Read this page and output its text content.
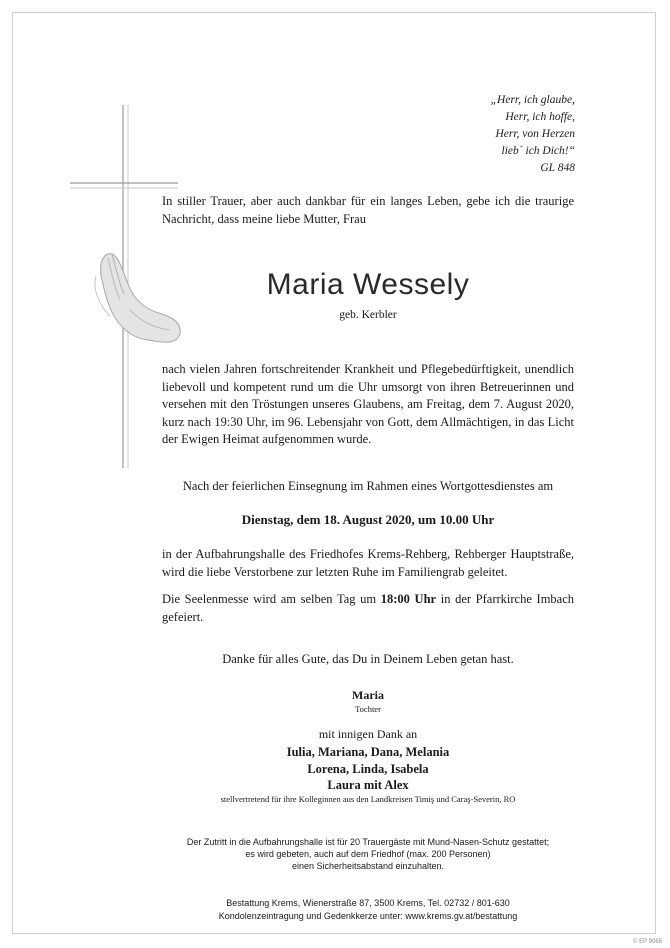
„Herr, ich glaube,
Herr, ich hoffe,
Herr, von Herzen
lieb´ ich Dich!“
GL 848
In stiller Trauer, aber auch dankbar für ein langes Leben, gebe ich die traurige Nachricht, dass meine liebe Mutter, Frau
Maria Wessely
geb. Kerbler
nach vielen Jahren fortschreitender Krankheit und Pflegebedürftigkeit, unendlich liebevoll und kompetent rund um die Uhr umsorgt von ihren Betreuerinnen und versehen mit den Tröstungen unseres Glaubens, am Freitag, dem 7. August 2020, kurz nach 19:30 Uhr, im 96. Lebensjahr von Gott, dem Allmächtigen, in das Licht der Ewigen Heimat aufgenommen wurde.
Nach der feierlichen Einsegnung im Rahmen eines Wortgottesdienstes am
Dienstag, dem 18. August 2020, um 10.00 Uhr
in der Aufbahrungshalle des Friedhofes Krems-Rehberg, Rehberger Hauptstraße, wird die liebe Verstorbene zur letzten Ruhe im Familiengrab geleitet.
Die Seelenmesse wird am selben Tag um 18:00 Uhr in der Pfarrkirche Imbach gefeiert.
Danke für alles Gute, das Du in Deinem Leben getan hast.
Maria
Tochter
mit innigen Dank an
Iulia, Mariana, Dana, Melania
Lorena, Linda, Isabela
Laura mit Alex
stellvertretend für ihre Kolleginnen aus den Landkreisen Timiş und Caraş-Severin, RO
Der Zutritt in die Aufbahrungshalle ist für 20 Trauergäste mit Mund-Nasen-Schutz gestattet;
es wird gebeten, auch auf dem Friedhof (max. 200 Personen)
einen Sicherheitsabstand einzuhalten.
Bestattung Krems, Wienerstraße 87, 3500 Krems, Tel. 02732 / 801-630
Kondolenzeintragung und Gedenkkerze unter: www.krems.gv.at/bestattung
© EP 9065
